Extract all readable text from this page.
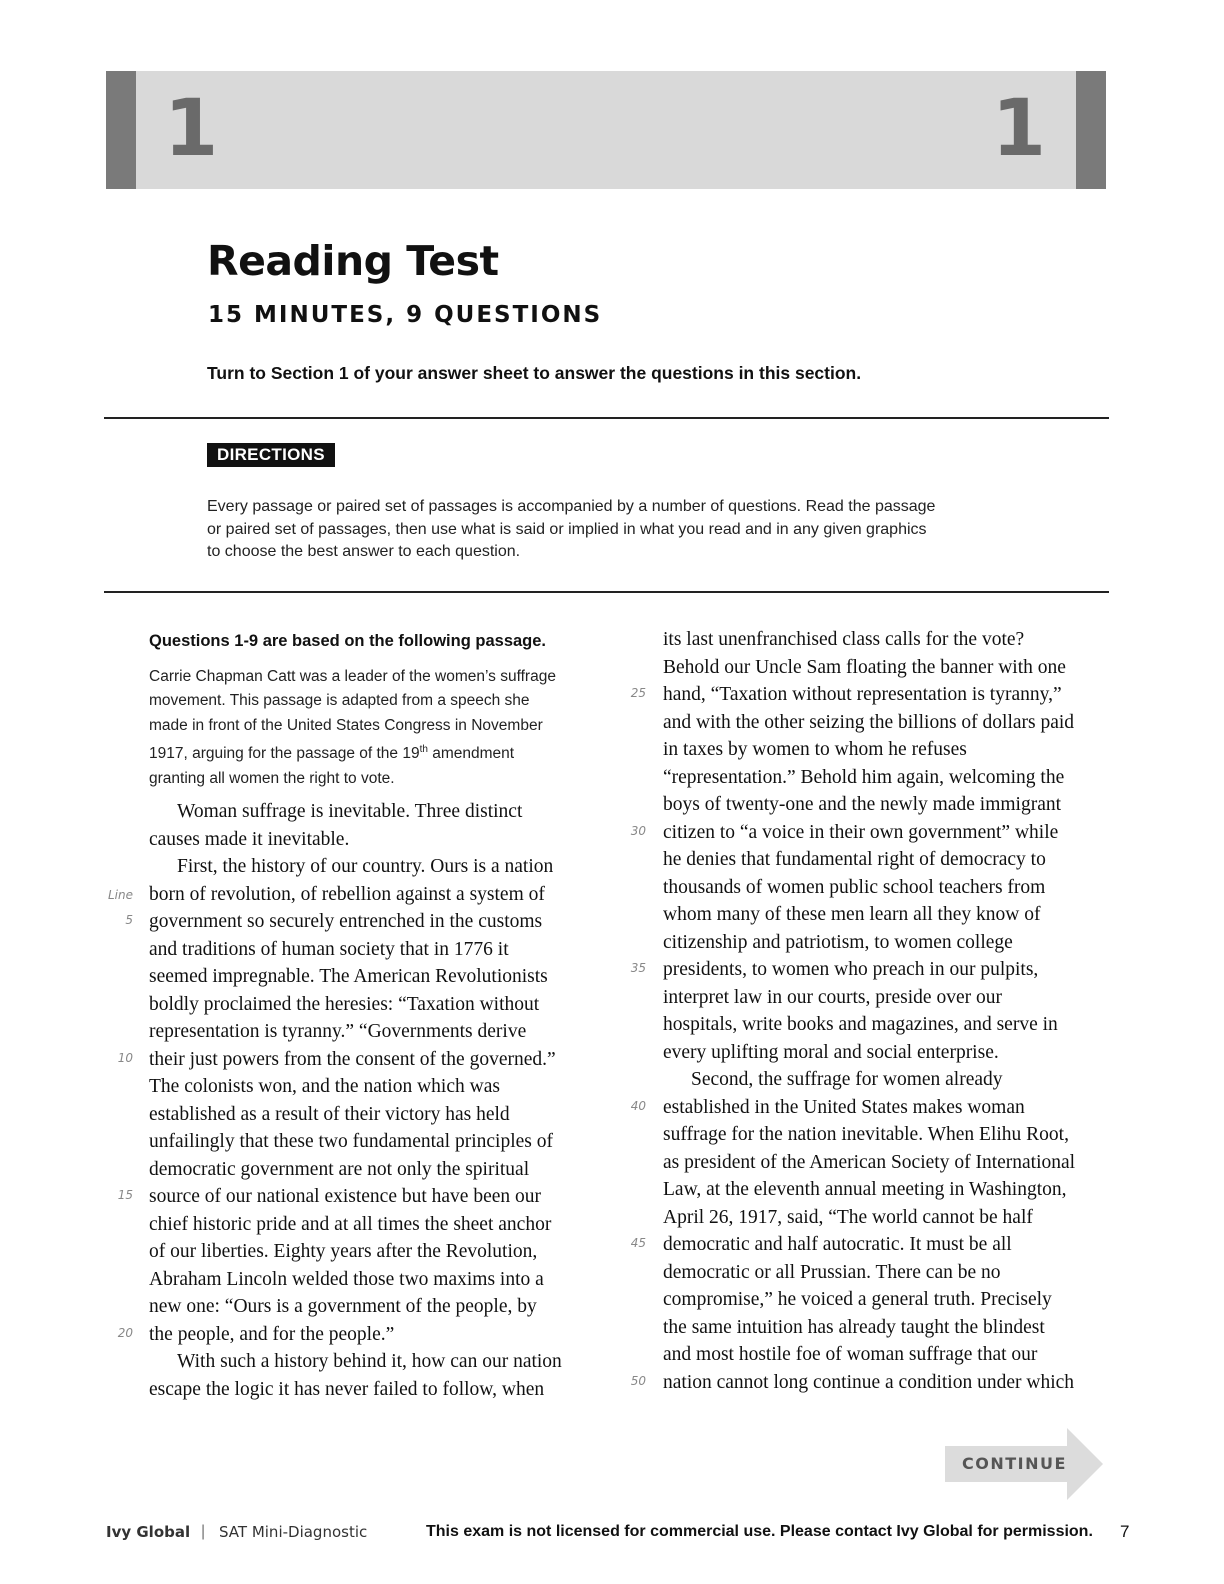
1	1
Reading Test
15 MINUTES, 9 QUESTIONS
Turn to Section 1 of your answer sheet to answer the questions in this section.
DIRECTIONS
Every passage or paired set of passages is accompanied by a number of questions. Read the passage
or paired set of passages, then use what is said or implied in what you read and in any given graphics
to choose the best answer to each question.
Questions 1-9 are based on the following passage.
Carrie Chapman Catt was a leader of the women’s suffrage
movement. This passage is adapted from a speech she
made in front of the United States Congress in November
1917, arguing for the passage of the 19th amendment
granting all women the right to vote.
Line
Woman suffrage is inevitable. Three distinct
causes made it inevitable.
First, the history of our country. Ours is a nation
born of revolution, of rebellion against a system of
government so securely entrenched in the customs
and traditions of human society that in 1776 it
seemed impregnable. The American Revolutionists
boldly proclaimed the heresies: “Taxation without
representation is tyranny.” “Governments derive
their just powers from the consent of the governed.”
The colonists won, and the nation which was
established as a result of their victory has held
unfailingly that these two fundamental principles of
democratic government are not only the spiritual
source of our national existence but have been our
chief historic pride and at all times the sheet anchor
of our liberties. Eighty years after the Revolution,
Abraham Lincoln welded those two maxims into a
new one: “Ours is a government of the people, by
the people, and for the people.”
With such a history behind it, how can our nation
escape the logic it has never failed to follow, when
its last unenfranchised class calls for the vote?
Behold our Uncle Sam floating the banner with one
hand, “Taxation without representation is tyranny,”
and with the other seizing the billions of dollars paid
in taxes by women to whom he refuses
“representation.” Behold him again, welcoming the
boys of twenty-one and the newly made immigrant
citizen to “a voice in their own government” while
he denies that fundamental right of democracy to
thousands of women public school teachers from
whom many of these men learn all they know of
citizenship and patriotism, to women college
presidents, to women who preach in our pulpits,
interpret law in our courts, preside over our
hospitals, write books and magazines, and serve in
every uplifting moral and social enterprise.
Second, the suffrage for women already
established in the United States makes woman
suffrage for the nation inevitable. When Elihu Root,
as president of the American Society of International
Law, at the eleventh annual meeting in Washington,
April 26, 1917, said, “The world cannot be half
democratic and half autocratic. It must be all
democratic or all Prussian. There can be no
compromise,” he voiced a general truth. Precisely
the same intuition has already taught the blindest
and most hostile foe of woman suffrage that our
nation cannot long continue a condition under which
5
10
15
20
25
30
35
40
45
50
CONTINUE
Ivy Global | SAT Mini-Diagnostic	This exam is not licensed for commercial use. Please contact Ivy Global for permission. 7
